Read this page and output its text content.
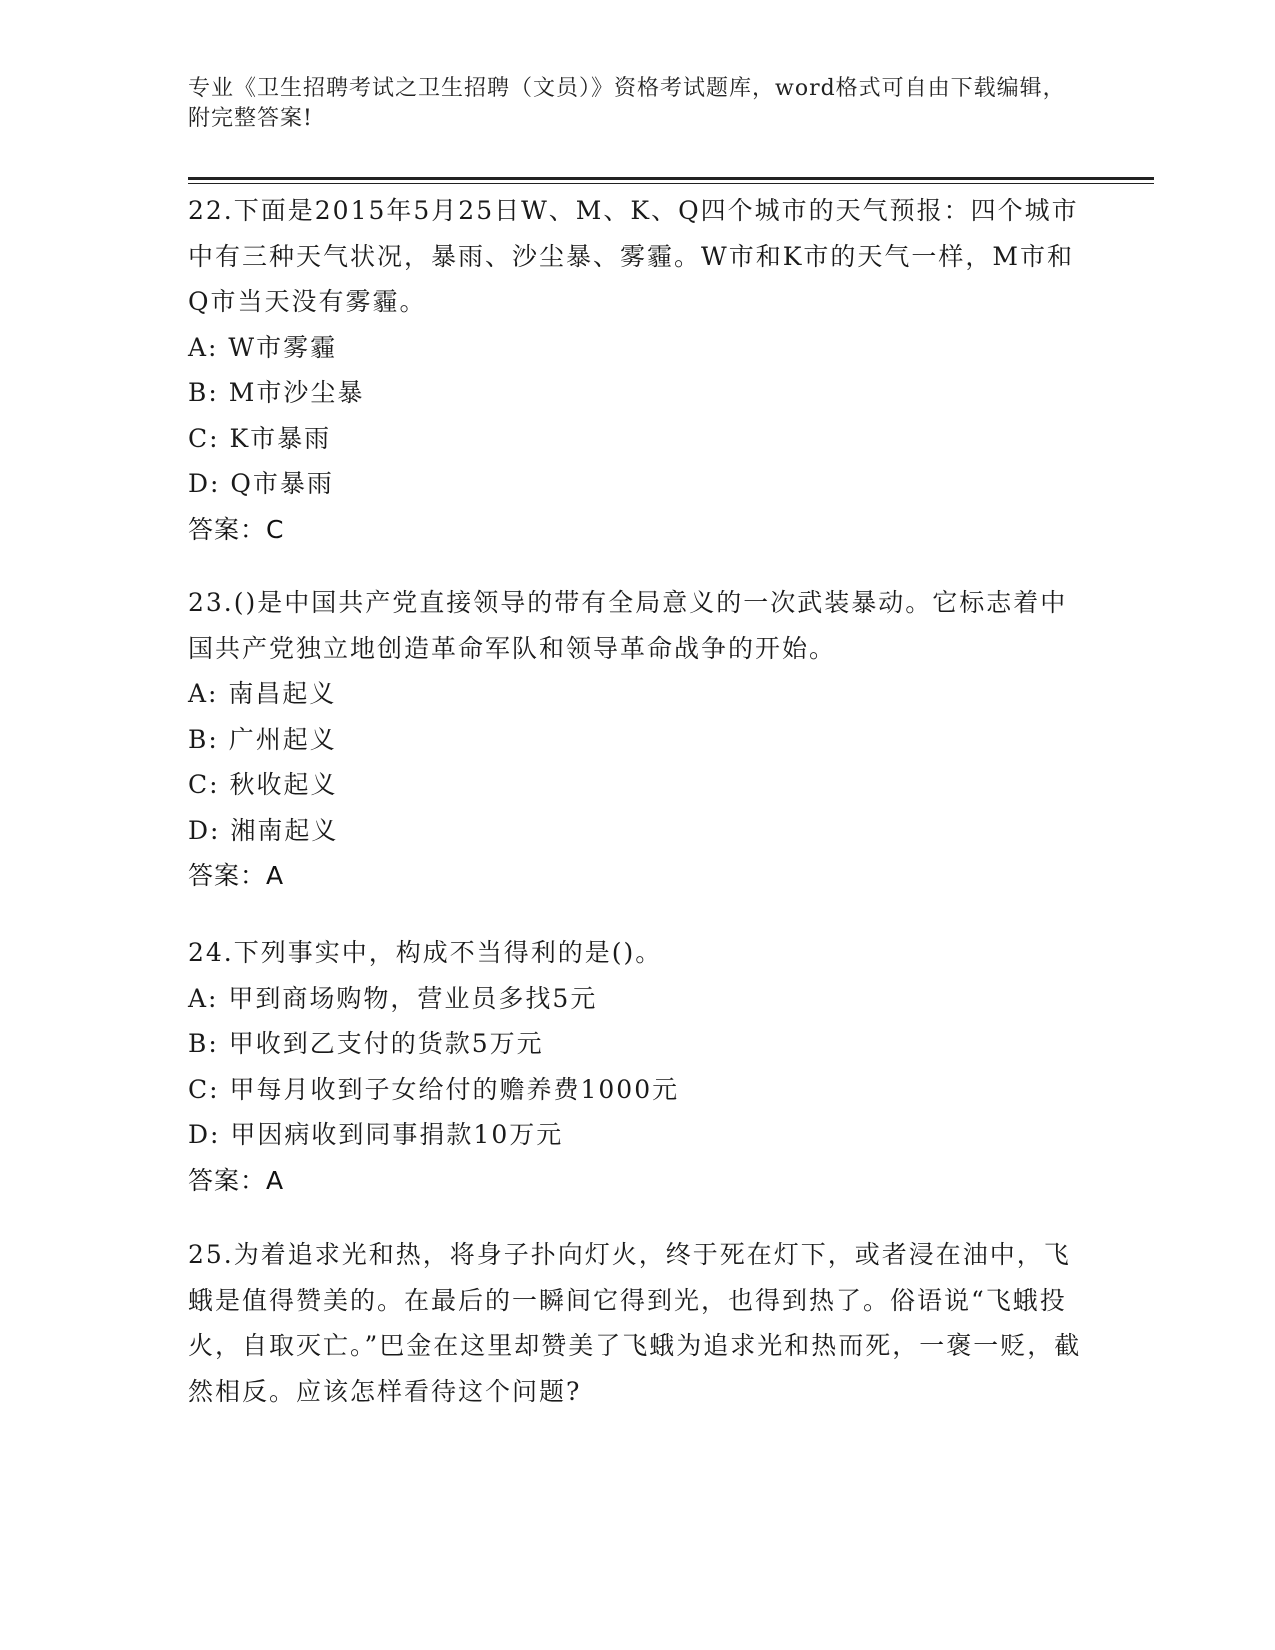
专业《卫生招聘考试之卫生招聘（文员）》资格考试题库，word格式可自由下载编辑，附完整答案!

22.下面是2015年5月25日W、M、K、Q四个城市的天气预报：四个城市中有三种天气状况，暴雨、沙尘暴、雾霾。W市和K市的天气一样，M市和Q市当天没有雾霾。

A: W市雾霾

B: M市沙尘暴

C: K市暴雨

D: Q市暴雨

答案：C

23.()是中国共产党直接领导的带有全局意义的一次武装暴动。它标志着中国共产党独立地创造革命军队和领导革命战争的开始。

A: 南昌起义

B: 广州起义

C: 秋收起义

D: 湘南起义

答案：A

24.下列事实中，构成不当得利的是()。

A: 甲到商场购物，营业员多找5元

B: 甲收到乙支付的货款5万元

C: 甲每月收到子女给付的赡养费1000元

D: 甲因病收到同事捐款10万元

答案：A

25.为着追求光和热，将身子扑向灯火，终于死在灯下，或者浸在油中，飞蛾是值得赞美的。在最后的一瞬间它得到光，也得到热了。俗语说“飞蛾投火，自取灭亡。”巴金在这里却赞美了飞蛾为追求光和热而死，一褒一贬，截然相反。应该怎样看待这个问题?
